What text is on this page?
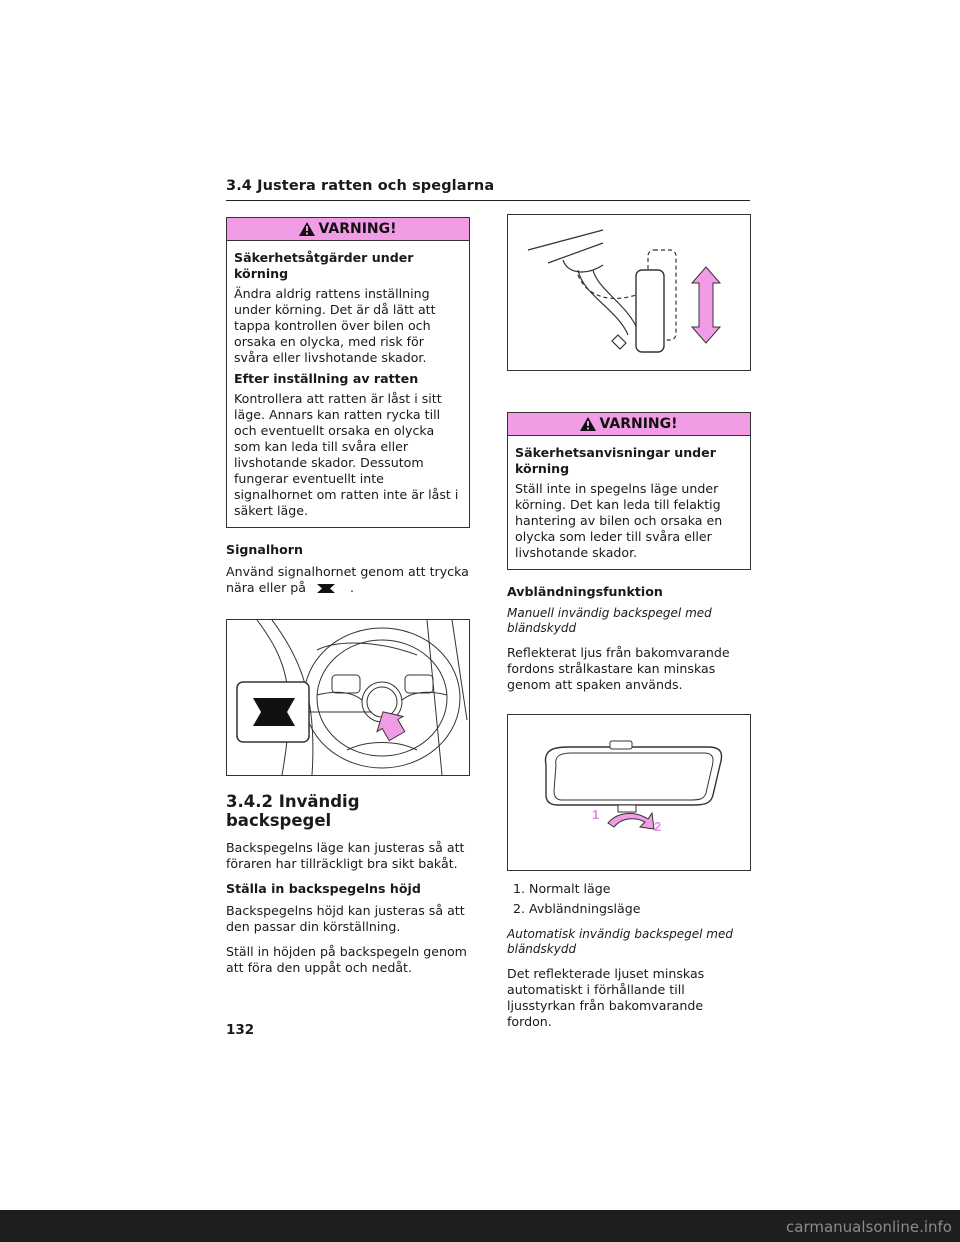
3.4 Justera ratten och speglarna
VARNING!
Säkerhetsåtgärder under körning
Ändra aldrig rattens inställning under körning. Det är då lätt att tappa kontrollen över bilen och orsaka en olycka, med risk för svåra eller livshotande skador.
Efter inställning av ratten
Kontrollera att ratten är låst i sitt läge. Annars kan ratten rycka till och eventuellt orsaka en olycka som kan leda till svåra eller livshotande skador. Dessutom fungerar eventuellt inte signalhornet om ratten inte är låst i säkert läge.
Signalhorn
Använd signalhornet genom att trycka nära eller på	.
3.4.2 Invändig backspegel
Backspegelns läge kan justeras så att föraren har tillräckligt bra sikt bakåt.
Ställa in backspegelns höjd
Backspegelns höjd kan justeras så att den passar din körställning.
Ställ in höjden på backspegeln genom att föra den uppåt och nedåt.
VARNING!
Säkerhetsanvisningar under körning
Ställ inte in spegelns läge under körning. Det kan leda till felaktig hantering av bilen och orsaka en olycka som leder till svåra eller livshotande skador.
Avbländningsfunktion
Manuell invändig backspegel med bländskydd
Reflekterat ljus från bakomvarande fordons strålkastare kan minskas genom att spaken används.
1
2
1. Normalt läge
2. Avbländningsläge
Automatisk invändig backspegel med bländskydd
Det reflekterade ljuset minskas automatiskt i förhållande till ljusstyrkan från bakomvarande fordon.
132
carmanualsonline.info
